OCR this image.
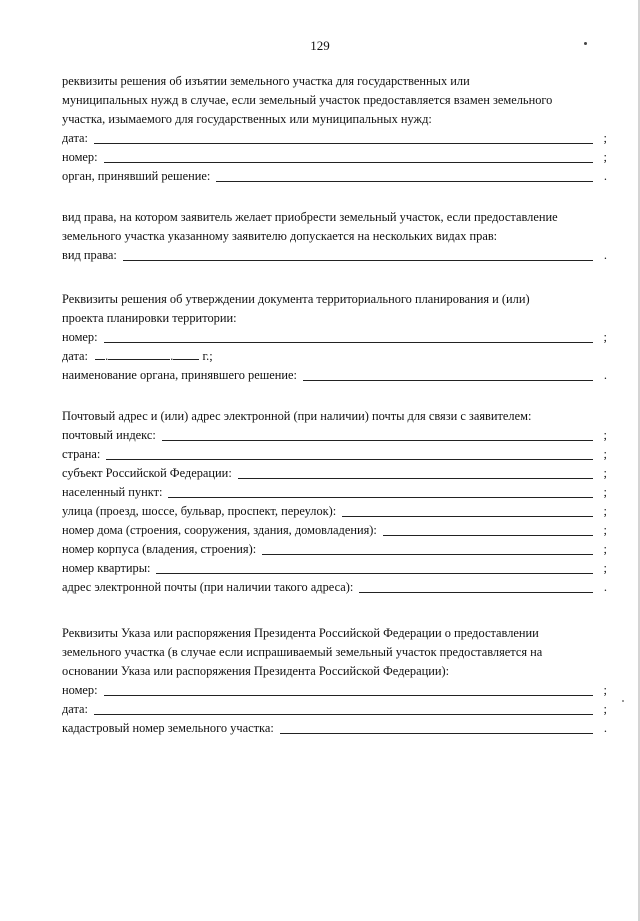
129
реквизиты решения об изъятии земельного участка для государственных или
муниципальных нужд в случае, если земельный участок предоставляется взамен земельного
участка, изымаемого для государственных или муниципальных нужд:
дата:	;
номер:	;
орган, принявший решение:	.
вид права, на котором заявитель желает приобрести земельный участок, если предоставление
земельного участка указанному заявителю допускается на нескольких видах прав:
вид права:	.
Реквизиты решения об утверждении документа территориального планирования и (или)
проекта планировки территории:
номер:	;
дата: .	. г.;
наименование органа, принявшего решение:	.
Почтовый адрес и (или) адрес электронной (при наличии) почты для связи с заявителем:
почтовый индекс:	;
страна:	;
субъект Российской Федерации:	;
населенный пункт:	;
улица (проезд, шоссе, бульвар, проспект, переулок):	;
номер дома (строения, сооружения, здания, домовладения):	;
номер корпуса (владения, строения):	;
номер квартиры:	;
адрес электронной почты (при наличии такого адреса):	.
Реквизиты Указа или распоряжения Президента Российской Федерации о предоставлении
земельного участка (в случае если испрашиваемый земельный участок предоставляется на
основании Указа или распоряжения Президента Российской Федерации):
номер:	;
дата:	;
кадастровый номер земельного участка:	.
